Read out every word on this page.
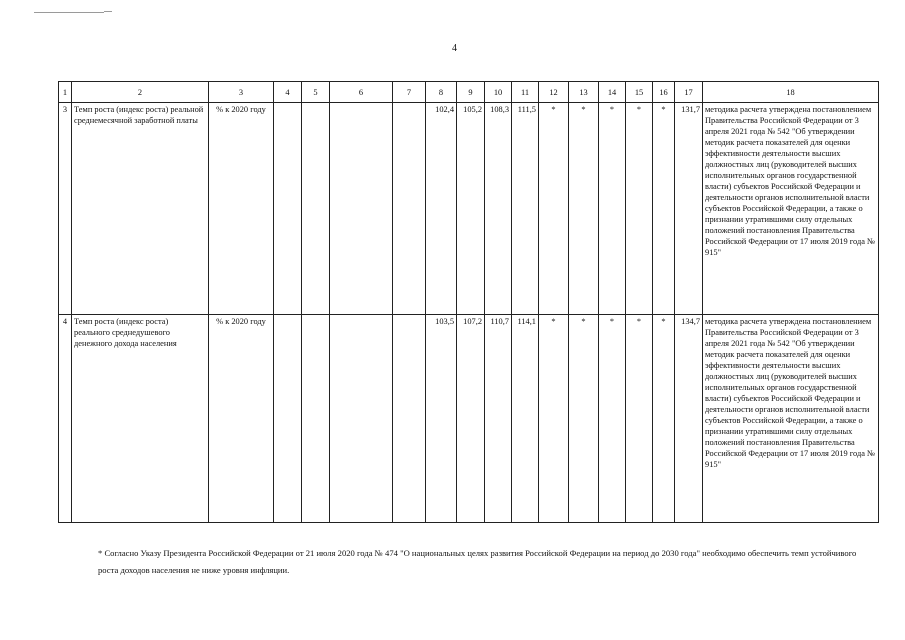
4
1	2	3	4	5	6	7	8	9	10	11	12	13	14	15	16	17	18
3	Темп роста (индекс роста) реальной среднемесячной заработной платы	% к 2020 году					102,4	105,2	108,3	111,5	*	*	*	*	*	131,7	методика расчета утверждена постановлением Правительства Российской Федерации от 3 апреля 2021 года № 542 "Об утверждении методик расчета показателей для оценки эффективности деятельности высших должностных лиц (руководителей высших исполнительных органов государственной власти) субъектов Российской Федерации и деятельности органов исполнительной власти субъектов Российской Федерации, а также о признании утратившими силу отдельных положений постановления Правительства Российской Федерации от 17 июля 2019 года № 915"
4	Темп роста (индекс роста) реального среднедушевого денежного дохода населения	% к 2020 году					103,5	107,2	110,7	114,1	*	*	*	*	*	134,7	методика расчета утверждена постановлением Правительства Российской Федерации от 3 апреля 2021 года № 542 "Об утверждении методик расчета показателей для оценки эффективности деятельности высших должностных лиц (руководителей высших исполнительных органов государственной власти) субъектов Российской Федерации и деятельности органов исполнительной власти субъектов Российской Федерации, а также о признании утратившими силу отдельных положений постановления Правительства Российской Федерации от 17 июля 2019 года № 915"
* Согласно Указу Президента Российской Федерации от 21 июля 2020 года № 474 "О национальных целях развития Российской Федерации на период до 2030 года" необходимо обеспечить темп устойчивого роста доходов населения не ниже уровня инфляции.
